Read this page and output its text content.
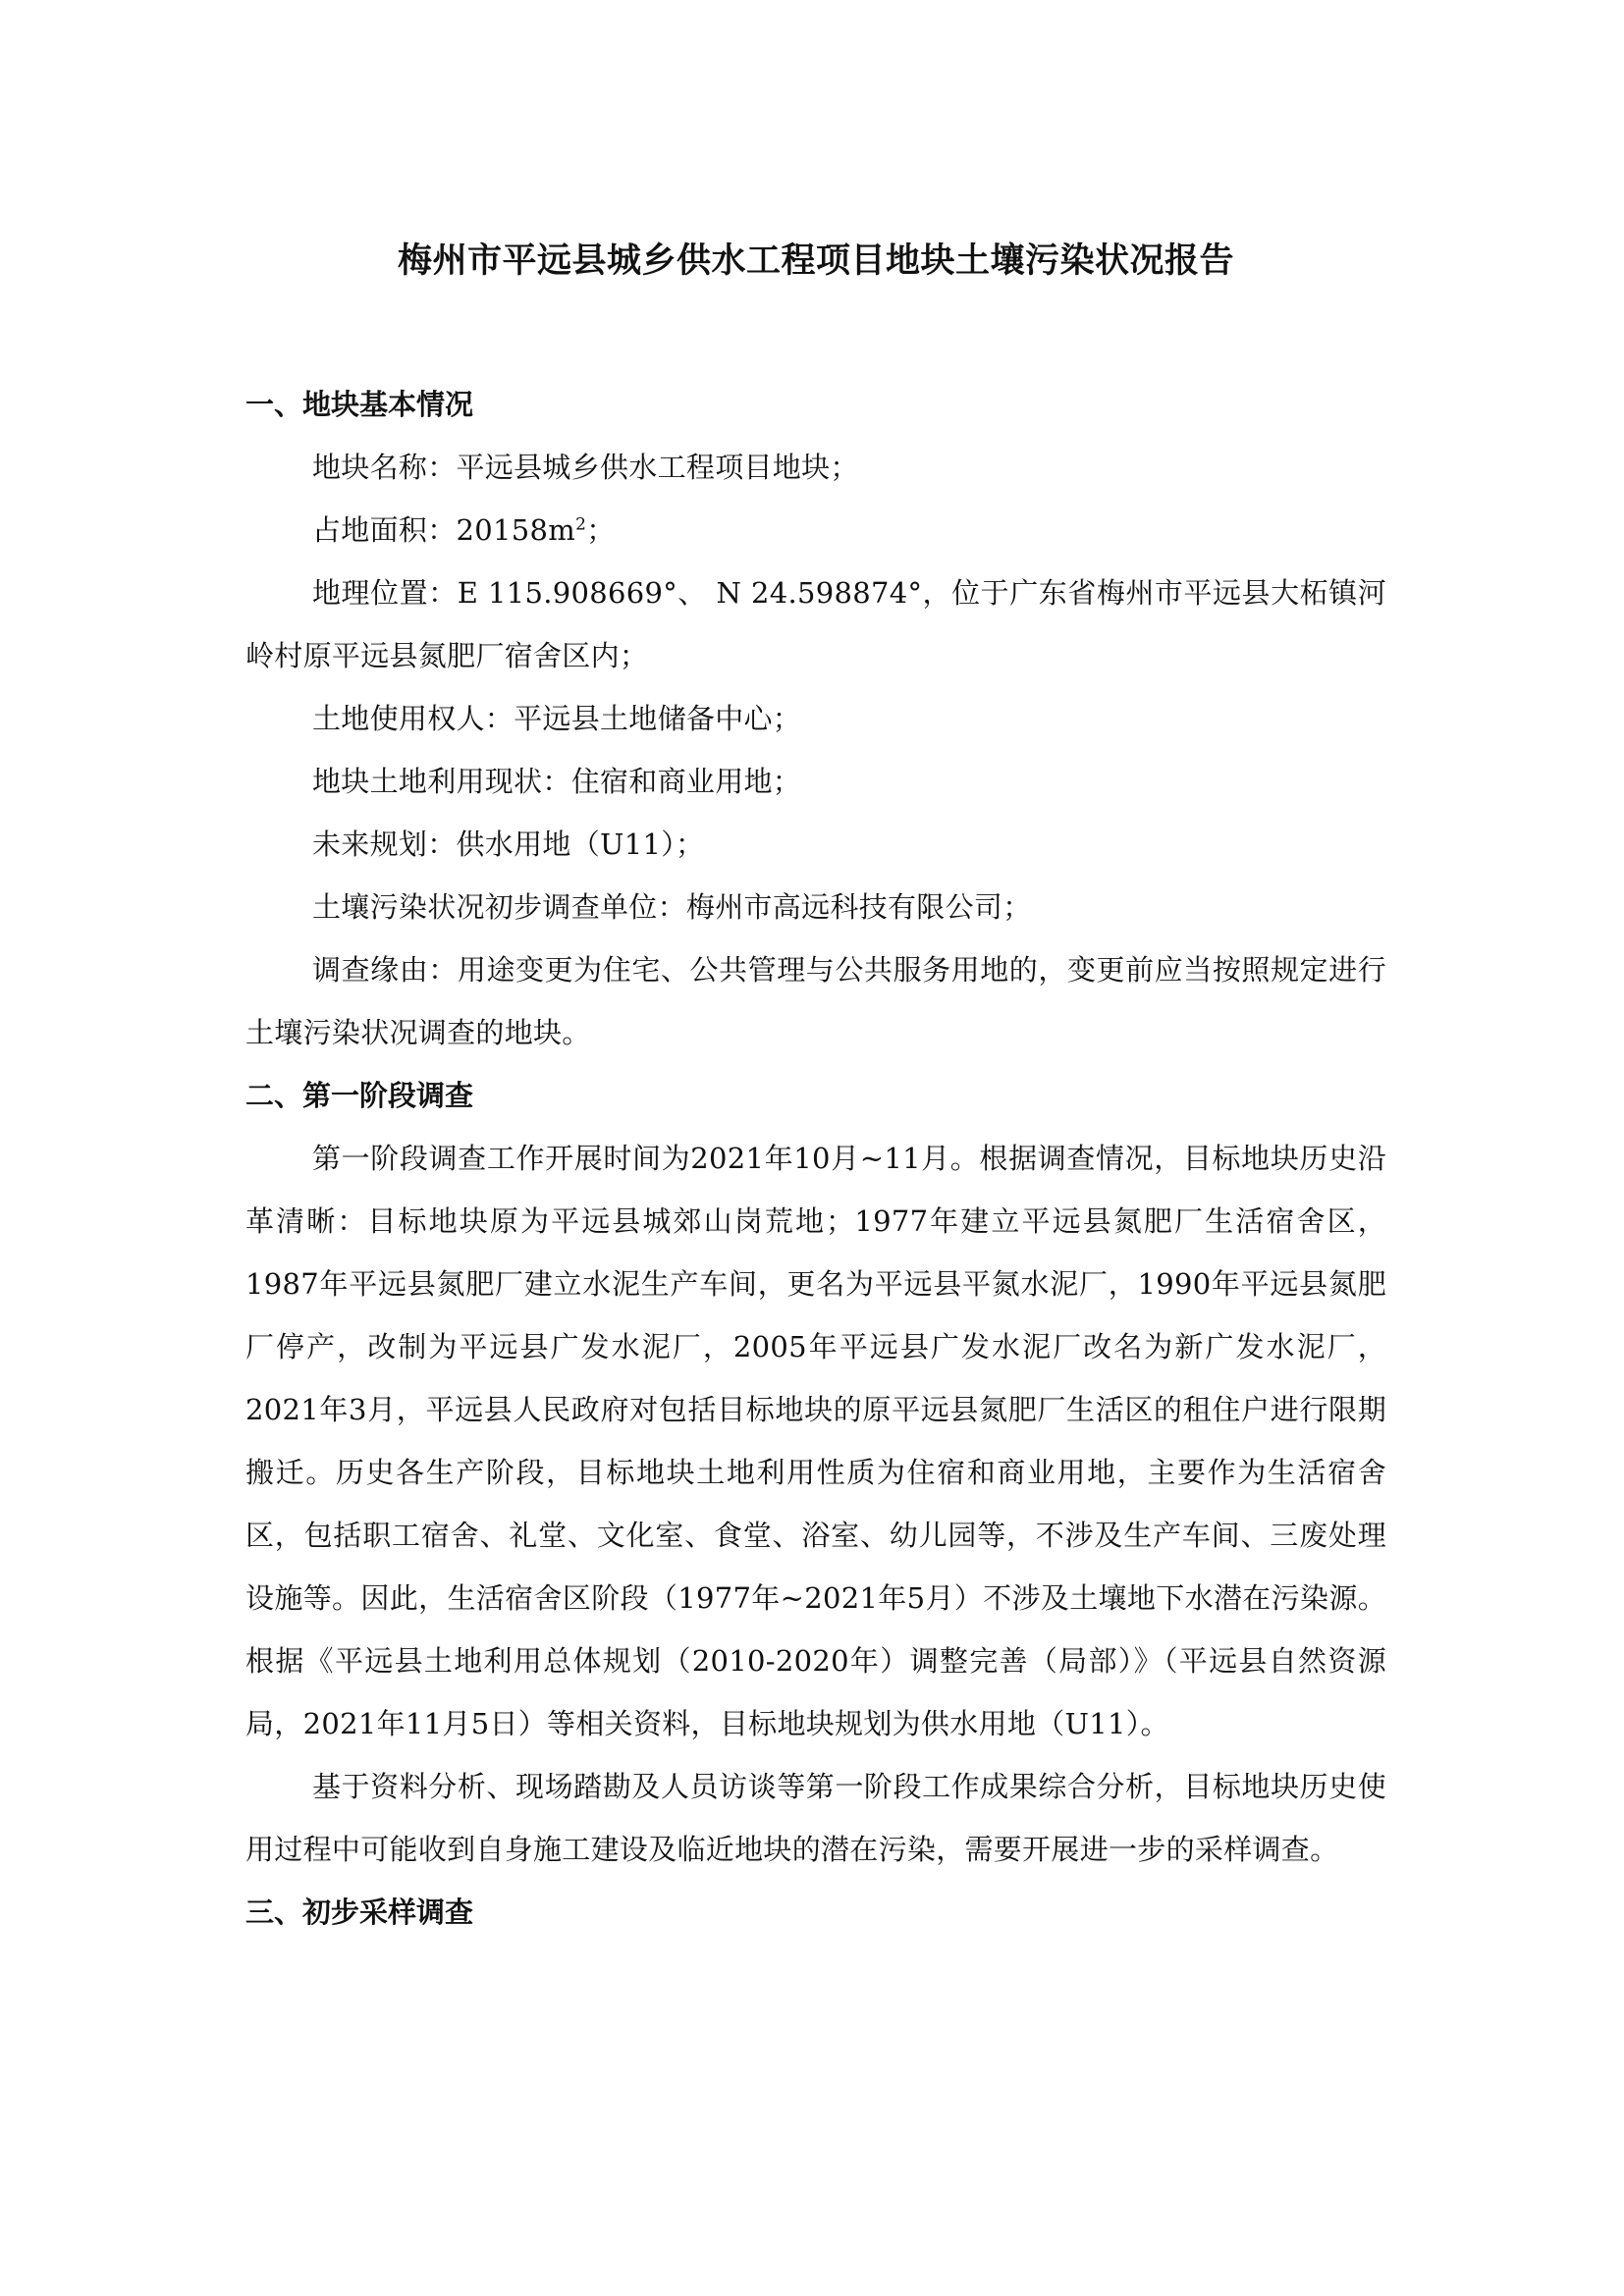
梅州市平远县城乡供水工程项目地块土壤污染状况报告
一、地块基本情况

地块名称：平远县城乡供水工程项目地块；

占地面积：$20158m^2$；

地理位置：E 115.908669°、 N 24.598874°，位于广东省梅州市平远县大柘镇河岭村原平远县氮肥厂宿舍区内；

土地使用权人：平远县土地储备中心；

地块土地利用现状：住宿和商业用地；

未来规划：供水用地（U11）；

土壤污染状况初步调查单位：梅州市高远科技有限公司；

调查缘由：用途变更为住宅、公共管理与公共服务用地的，变更前应当按照规定进行土壤污染状况调查的地块。

二、第一阶段调查

第一阶段调查工作开展时间为2021年10月~11月。根据调查情况，目标地块历史沿革清晰：目标地块原为平远县城郊山岗荒地；1977年建立平远县氮肥厂生活宿舍区，1987年平远县氮肥厂建立水泥生产车间，更名为平远县平氮水泥厂，1990年平远县氮肥厂停产，改制为平远县广发水泥厂，2005年平远县广发水泥厂改名为新广发水泥厂，2021年3月，平远县人民政府对包括目标地块的原平远县氮肥厂生活区的租住户进行限期搬迁。历史各生产阶段，目标地块土地利用性质为住宿和商业用地，主要作为生活宿舍区，包括职工宿舍、礼堂、文化室、食堂、浴室、幼儿园等，不涉及生产车间、三废处理设施等。因此，生活宿舍区阶段（1977年~2021年5月）不涉及土壤地下水潜在污染源。根据《平远县土地利用总体规划（2010-2020年）调整完善（局部）》（平远县自然资源局，2021年11月5日）等相关资料，目标地块规划为供水用地（U11）。

基于资料分析、现场踏勘及人员访谈等第一阶段工作成果综合分析，目标地块历史使用过程中可能收到自身施工建设及临近地块的潜在污染，需要开展进一步的采样调查。

三、初步采样调查
